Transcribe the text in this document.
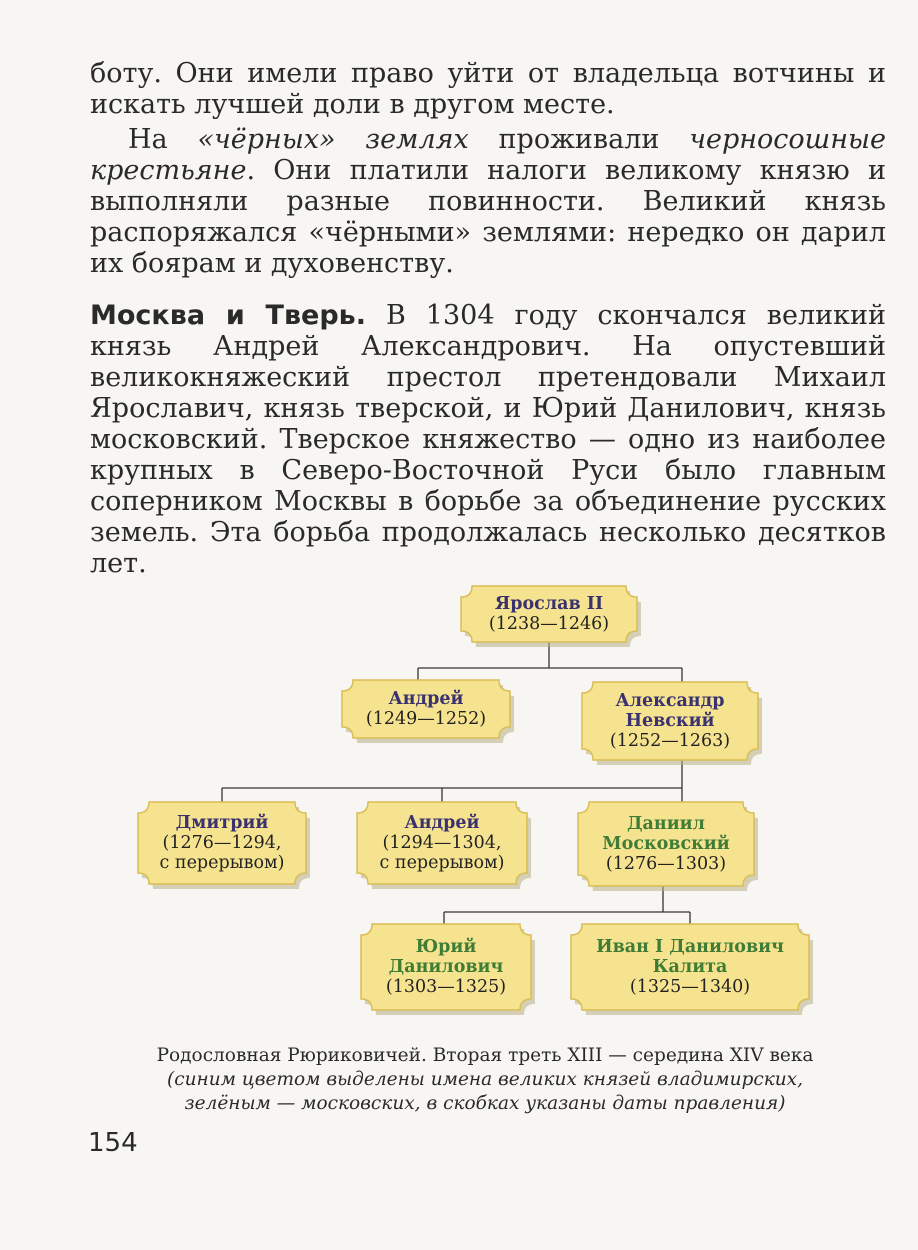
боту. Они имели право уйти от владельца вотчины и искать лучшей доли в другом месте.

На «чёрных» землях проживали черносошные крестьяне. Они платили налоги великому князю и выполняли разные повинности. Великий князь распоряжался «чёрными» землями: нередко он дарил их боярам и духовенству.

Москва и Тверь. В 1304 году скончался великий князь Андрей Александрович. На опустевший великокняжеский престол претендовали Михаил Ярославич, князь тверской, и Юрий Данилович, князь московский. Тверское княжество — одно из наиболее крупных в Северо-Восточной Руси было главным соперником Москвы в борьбе за объединение русских земель. Эта борьба продолжалась несколько десятков лет.

Ярослав II
(1238—1246)
Андрей
(1249—1252)
Александр
Невский
(1252—1263)
Дмитрий
(1276—1294,
с перерывом)
Андрей
(1294—1304,
с перерывом)
Даниил
Московский
(1276—1303)
Юрий
Данилович
(1303—1325)
Иван I Данилович
Калита
(1325—1340)
Родословная Рюриковичей. Вторая треть XIII — середина XIV века
(синим цветом выделены имена великих князей владимирских,
зелёным — московских, в скобках указаны даты правления)
154
